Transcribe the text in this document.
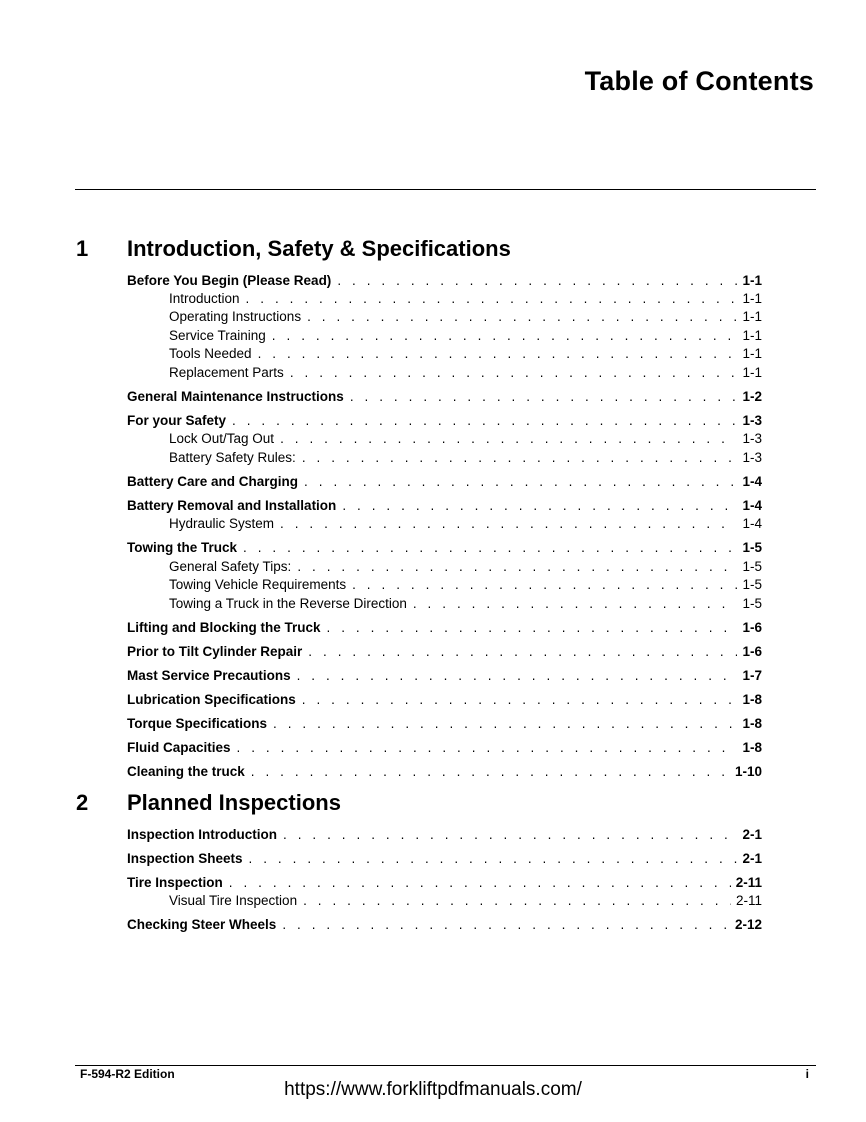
Table of Contents
1 Introduction, Safety & Specifications
Before You Begin (Please Read) . . .	1-1
Introduction . . .	1-1
Operating Instructions . . .	1-1
Service Training . . .	1-1
Tools Needed . . .	1-1
Replacement Parts . . .	1-1
General Maintenance Instructions . . .	1-2
For your Safety . . .	1-3
Lock Out/Tag Out . . .	1-3
Battery Safety Rules: . . .	1-3
Battery Care and Charging . . .	1-4
Battery Removal and Installation . . .	1-4
Hydraulic System . . .	1-4
Towing the Truck . . .	1-5
General Safety Tips: . . .	1-5
Towing Vehicle Requirements . . .	1-5
Towing a Truck in the Reverse Direction . . .	1-5
Lifting and Blocking the Truck . . .	1-6
Prior to Tilt Cylinder Repair . . .	1-6
Mast Service Precautions . . .	1-7
Lubrication Specifications . . .	1-8
Torque Specifications . . .	1-8
Fluid Capacities . . .	1-8
Cleaning the truck . . .	1-10
2 Planned Inspections
Inspection Introduction . . .	2-1
Inspection Sheets . . .	2-1
Tire Inspection . . .	2-11
Visual Tire Inspection . . .	2-11
Checking Steer Wheels . . .	2-12
F-594-R2 Edition	i
https://www.forkliftpdfmanuals.com/
